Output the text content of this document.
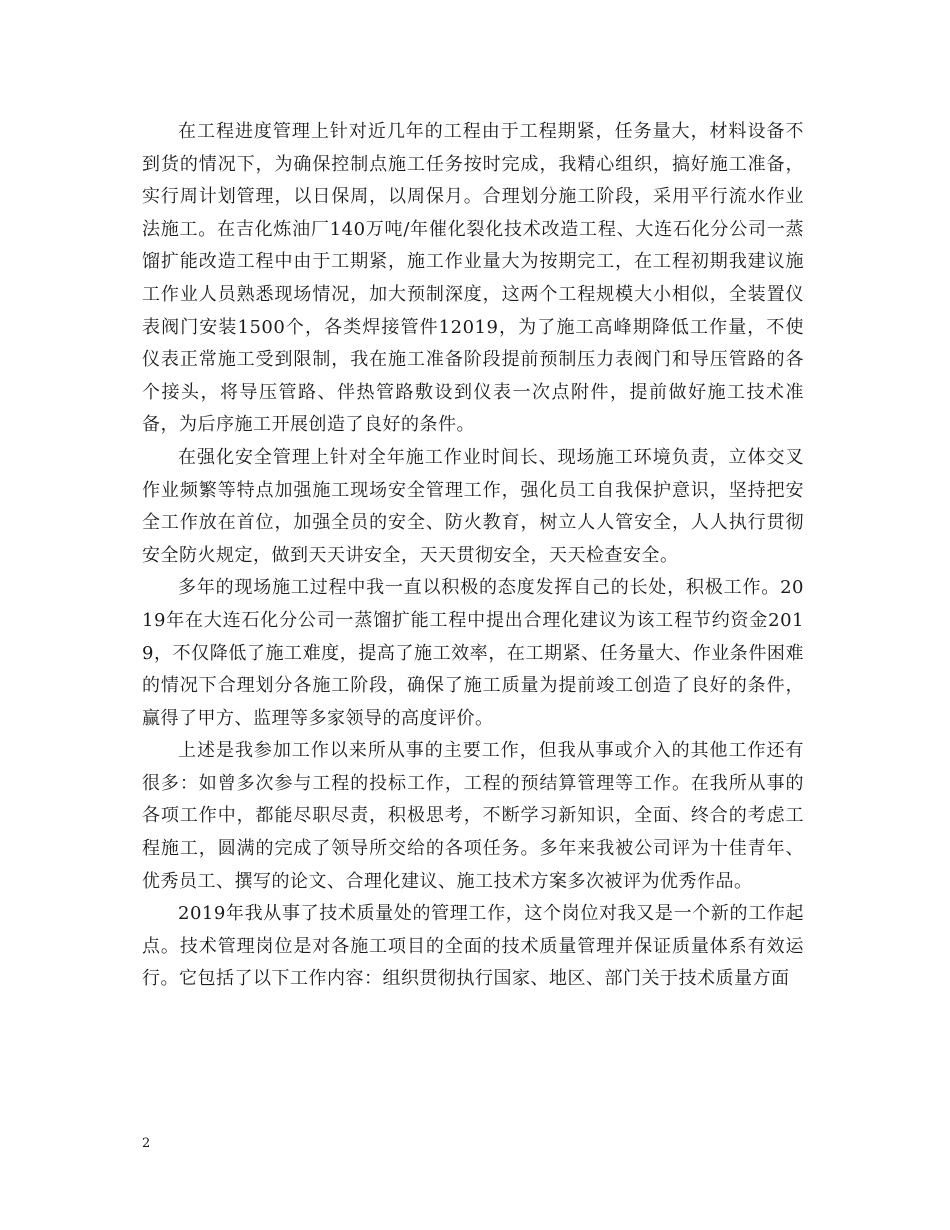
在工程进度管理上针对近几年的工程由于工程期紧，任务量大，材料设备不到货的情况下，为确保控制点施工任务按时完成，我精心组织，搞好施工准备，实行周计划管理，以日保周，以周保月。合理划分施工阶段，采用平行流水作业法施工。在吉化炼油厂140万吨/年催化裂化技术改造工程、大连石化分公司一蒸馏扩能改造工程中由于工期紧，施工作业量大为按期完工，在工程初期我建议施工作业人员熟悉现场情况，加大预制深度，这两个工程规模大小相似，全装置仪表阀门安装1500个，各类焊接管件12019，为了施工高峰期降低工作量，不使仪表正常施工受到限制，我在施工准备阶段提前预制压力表阀门和导压管路的各个接头，将导压管路、伴热管路敷设到仪表一次点附件，提前做好施工技术准备，为后序施工开展创造了良好的条件。

在强化安全管理上针对全年施工作业时间长、现场施工环境负责，立体交叉作业频繁等特点加强施工现场安全管理工作，强化员工自我保护意识，坚持把安全工作放在首位，加强全员的安全、防火教育，树立人人管安全，人人执行贯彻安全防火规定，做到天天讲安全，天天贯彻安全，天天检查安全。

多年的现场施工过程中我一直以积极的态度发挥自己的长处，积极工作。2019年在大连石化分公司一蒸馏扩能工程中提出合理化建议为该工程节约资金2019，不仅降低了施工难度，提高了施工效率，在工期紧、任务量大、作业条件困难的情况下合理划分各施工阶段，确保了施工质量为提前竣工创造了良好的条件，赢得了甲方、监理等多家领导的高度评价。

上述是我参加工作以来所从事的主要工作，但我从事或介入的其他工作还有很多：如曾多次参与工程的投标工作，工程的预结算管理等工作。在我所从事的各项工作中，都能尽职尽责，积极思考，不断学习新知识，全面、终合的考虑工程施工，圆满的完成了领导所交给的各项任务。多年来我被公司评为十佳青年、优秀员工、撰写的论文、合理化建议、施工技术方案多次被评为优秀作品。

2019年我从事了技术质量处的管理工作，这个岗位对我又是一个新的工作起点。技术管理岗位是对各施工项目的全面的技术质量管理并保证质量体系有效运行。它包括了以下工作内容：组织贯彻执行国家、地区、部门关于技术质量方面

2
